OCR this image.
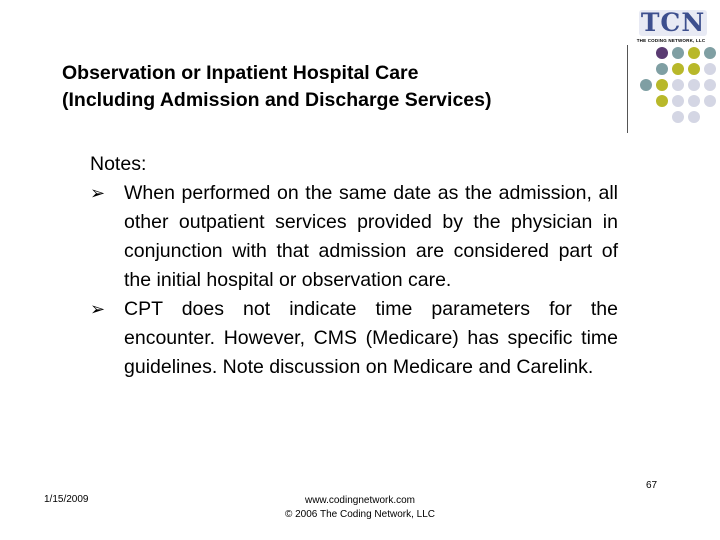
Observation or Inpatient Hospital Care
(Including Admission and Discharge Services)
TCN
THE CODING NETWORK, LLC
Notes:
➢ When performed on the same date as the admission, all other outpatient services provided by the physician in conjunction with that admission are considered part of the initial hospital or observation care.
➢ CPT does not indicate time parameters for the encounter. However, CMS (Medicare) has specific time guidelines. Note discussion on Medicare and Carelink.
67
1/15/2009	www.codingnetwork.com
© 2006 The Coding Network, LLC
